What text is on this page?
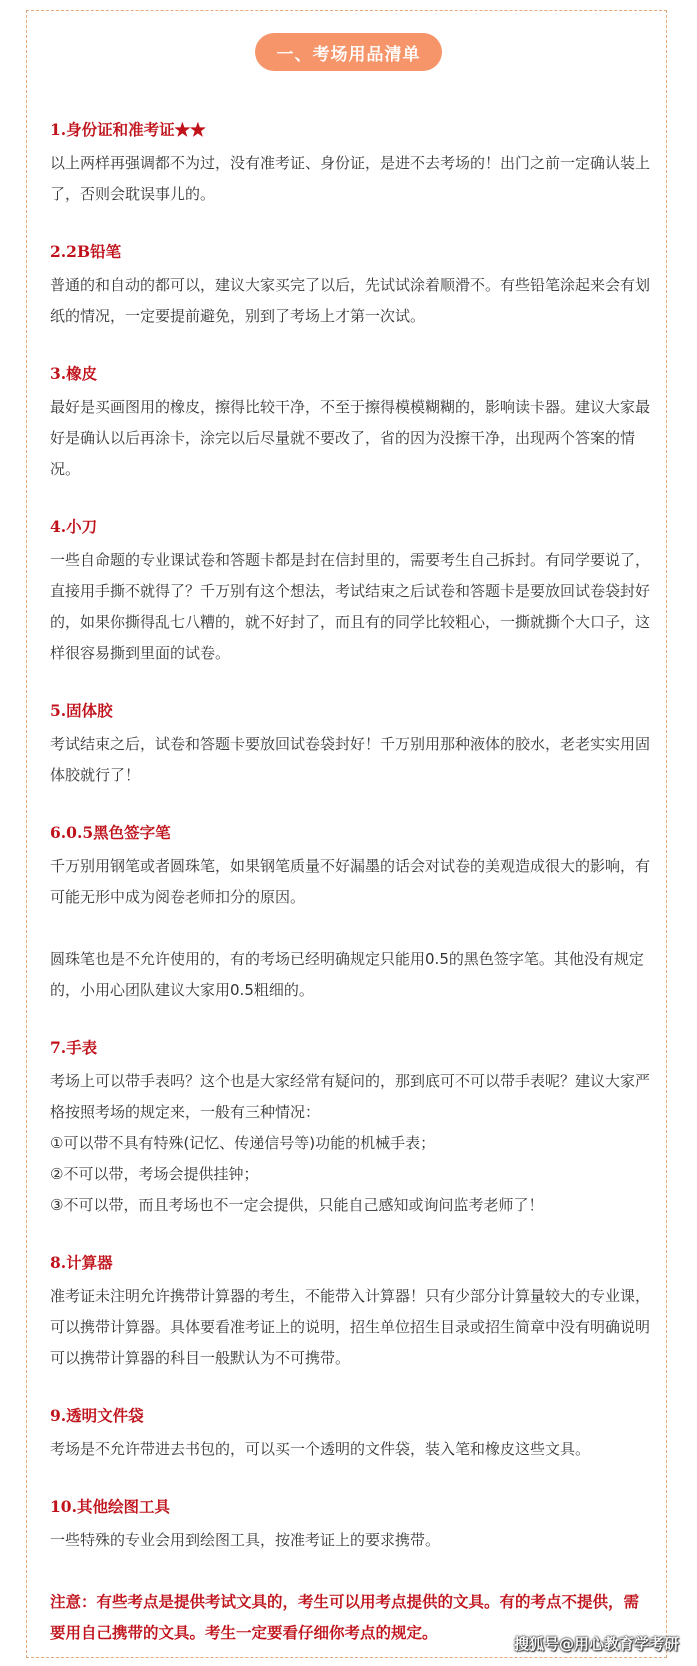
一、考场用品清单
1.身份证和准考证★★

以上两样再强调都不为过，没有准考证、身份证，是进不去考场的！出门之前一定确认装上了，否则会耽误事儿的。

2.2B铅笔

普通的和自动的都可以，建议大家买完了以后，先试试涂着顺滑不。有些铅笔涂起来会有划纸的情况，一定要提前避免，别到了考场上才第一次试。

3.橡皮

最好是买画图用的橡皮，擦得比较干净，不至于擦得模模糊糊的，影响读卡器。建议大家最好是确认以后再涂卡，涂完以后尽量就不要改了，省的因为没擦干净，出现两个答案的情况。

4.小刀

一些自命题的专业课试卷和答题卡都是封在信封里的，需要考生自己拆封。有同学要说了，直接用手撕不就得了？千万别有这个想法，考试结束之后试卷和答题卡是要放回试卷袋封好的，如果你撕得乱七八糟的，就不好封了，而且有的同学比较粗心，一撕就撕个大口子，这样很容易撕到里面的试卷。

5.固体胶

考试结束之后，试卷和答题卡要放回试卷袋封好！千万别用那种液体的胶水，老老实实用固体胶就行了！

6.0.5黑色签字笔

千万别用钢笔或者圆珠笔，如果钢笔质量不好漏墨的话会对试卷的美观造成很大的影响，有可能无形中成为阅卷老师扣分的原因。

圆珠笔也是不允许使用的，有的考场已经明确规定只能用0.5的黑色签字笔。其他没有规定的，小用心团队建议大家用0.5粗细的。

7.手表

考场上可以带手表吗？这个也是大家经常有疑问的，那到底可不可以带手表呢？建议大家严格按照考场的规定来，一般有三种情况：

①可以带不具有特殊(记忆、传递信号等)功能的机械手表；

②不可以带，考场会提供挂钟；

③不可以带，而且考场也不一定会提供，只能自己感知或询问监考老师了！

8.计算器

准考证未注明允许携带计算器的考生，不能带入计算器！只有少部分计算量较大的专业课，可以携带计算器。具体要看准考证上的说明，招生单位招生目录或招生简章中没有明确说明可以携带计算器的科目一般默认为不可携带。

9.透明文件袋

考场是不允许带进去书包的，可以买一个透明的文件袋，装入笔和橡皮这些文具。

10.其他绘图工具

一些特殊的专业会用到绘图工具，按准考证上的要求携带。

注意：有些考点是提供考试文具的，考生可以用考点提供的文具。有的考点不提供，需要用自己携带的文具。考生一定要看仔细你考点的规定。
搜狐号@用心教育学考研
